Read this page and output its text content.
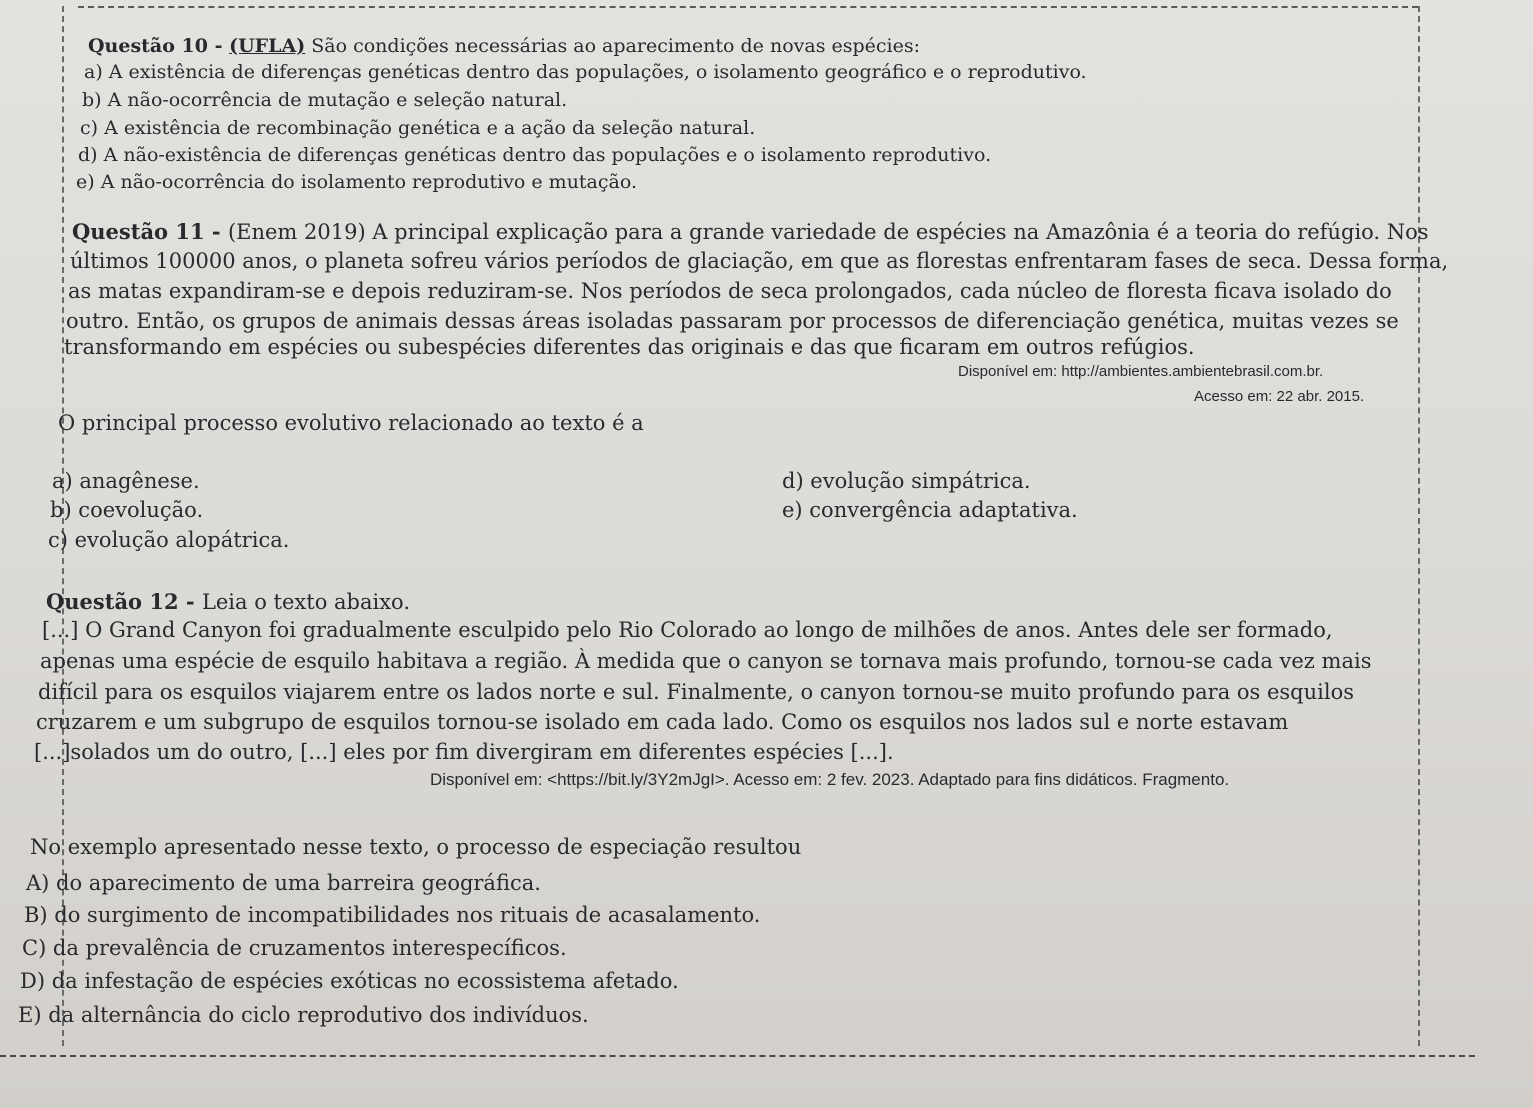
Questão 10 - (UFLA) São condições necessárias ao aparecimento de novas espécies:
a) A existência de diferenças genéticas dentro das populações, o isolamento geográfico e o reprodutivo.
b) A não-ocorrência de mutação e seleção natural.
c) A existência de recombinação genética e a ação da seleção natural.
d) A não-existência de diferenças genéticas dentro das populações e o isolamento reprodutivo.
e) A não-ocorrência do isolamento reprodutivo e mutação.
Questão 11 - (Enem 2019) A principal explicação para a grande variedade de espécies na Amazônia é a teoria do refúgio. Nos
últimos 100000 anos, o planeta sofreu vários períodos de glaciação, em que as florestas enfrentaram fases de seca. Dessa forma,
as matas expandiram-se e depois reduziram-se. Nos períodos de seca prolongados, cada núcleo de floresta ficava isolado do
outro. Então, os grupos de animais dessas áreas isoladas passaram por processos de diferenciação genética, muitas vezes se
transformando em espécies ou subespécies diferentes das originais e das que ficaram em outros refúgios.
Disponível em: http://ambientes.ambientebrasil.com.br.
Acesso em: 22 abr. 2015.
O principal processo evolutivo relacionado ao texto é a
a) anagênese.
b) coevolução.
c) evolução alopátrica.
d) evolução simpátrica.
e) convergência adaptativa.
Questão 12 - Leia o texto abaixo.
[...] O Grand Canyon foi gradualmente esculpido pelo Rio Colorado ao longo de milhões de anos. Antes dele ser formado,
apenas uma espécie de esquilo habitava a região. À medida que o canyon se tornava mais profundo, tornou-se cada vez mais
difícil para os esquilos viajarem entre os lados norte e sul. Finalmente, o canyon tornou-se muito profundo para os esquilos
cruzarem e um subgrupo de esquilos tornou-se isolado em cada lado. Como os esquilos nos lados sul e norte estavam
[...]solados um do outro, [...] eles por fim divergiram em diferentes espécies [...].
Disponível em: <https://bit.ly/3Y2mJgI>. Acesso em: 2 fev. 2023. Adaptado para fins didáticos. Fragmento.
No exemplo apresentado nesse texto, o processo de especiação resultou
A) do aparecimento de uma barreira geográfica.
B) do surgimento de incompatibilidades nos rituais de acasalamento.
C) da prevalência de cruzamentos interespecíficos.
D) da infestação de espécies exóticas no ecossistema afetado.
E) da alternância do ciclo reprodutivo dos indivíduos.
